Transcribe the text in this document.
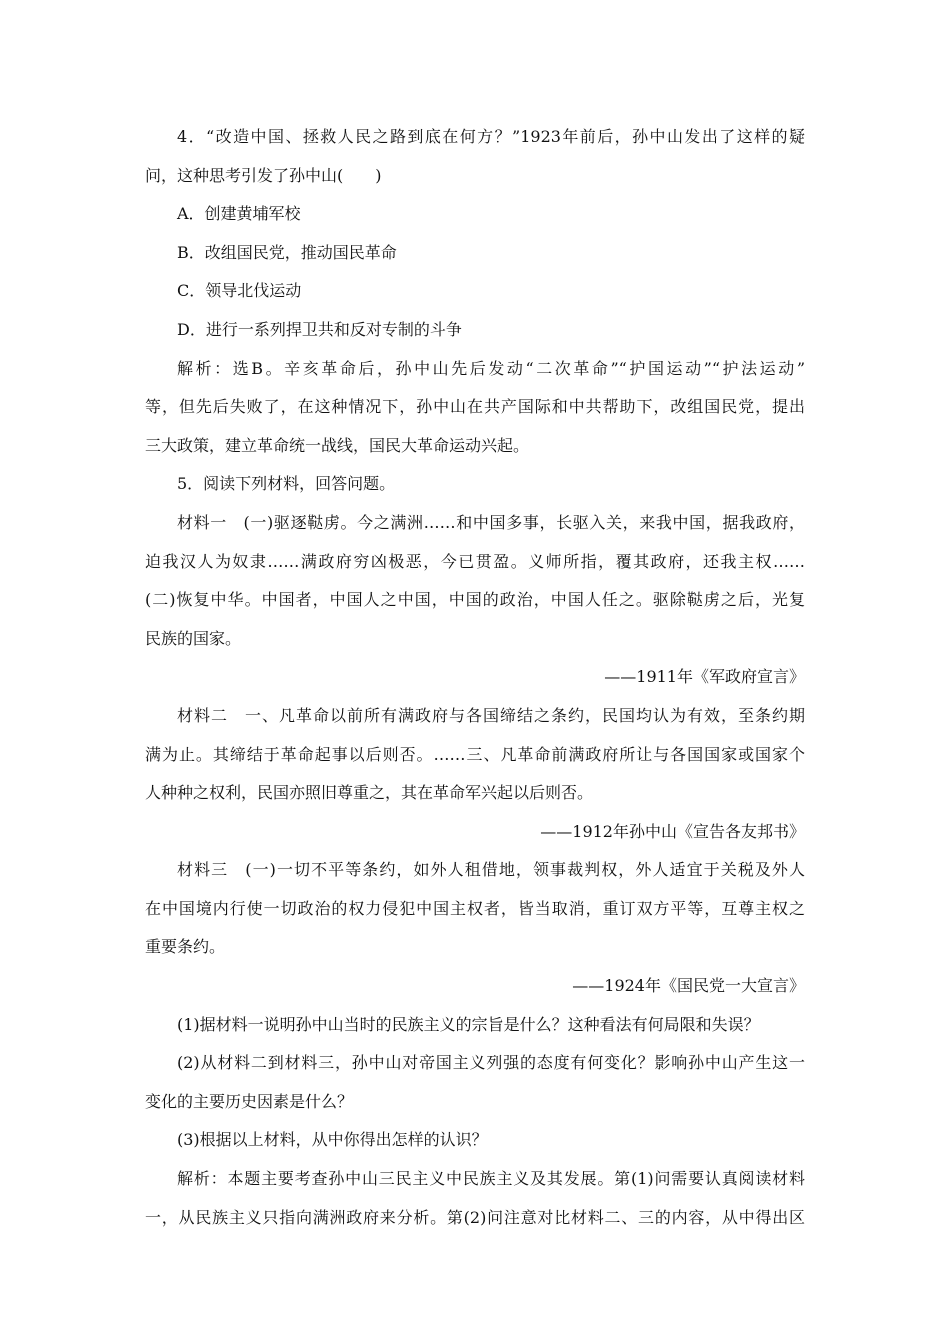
4．“改造中国、拯救人民之路到底在何方？”1923年前后，孙中山发出了这样的疑
问，这种思考引发了孙中山(　　)
A．创建黄埔军校
B．改组国民党，推动国民革命
C．领导北伐运动
D．进行一系列捍卫共和反对专制的斗争
解析：选B。辛亥革命后，孙中山先后发动“二次革命”“护国运动”“护法运动”
等，但先后失败了，在这种情况下，孙中山在共产国际和中共帮助下，改组国民党，提出
三大政策，建立革命统一战线，国民大革命运动兴起。
5．阅读下列材料，回答问题。
材料一　(一)驱逐鞑虏。今之满洲……和中国多事，长驱入关，来我中国，据我政府，
迫我汉人为奴隶……满政府穷凶极恶，今已贯盈。义师所指，覆其政府，还我主权……
(二)恢复中华。中国者，中国人之中国，中国的政治，中国人任之。驱除鞑虏之后，光复
民族的国家。
——1911年《军政府宣言》
材料二　一、凡革命以前所有满政府与各国缔结之条约，民国均认为有效，至条约期
满为止。其缔结于革命起事以后则否。……三、凡革命前满政府所让与各国国家或国家个
人种种之权利，民国亦照旧尊重之，其在革命军兴起以后则否。
——1912年孙中山《宣告各友邦书》
材料三　(一)一切不平等条约，如外人租借地，领事裁判权，外人适宜于关税及外人
在中国境内行使一切政治的权力侵犯中国主权者，皆当取消，重订双方平等，互尊主权之
重要条约。
——1924年《国民党一大宣言》
(1)据材料一说明孙中山当时的民族主义的宗旨是什么？这种看法有何局限和失误？
(2)从材料二到材料三，孙中山对帝国主义列强的态度有何变化？影响孙中山产生这一
变化的主要历史因素是什么？
(3)根据以上材料，从中你得出怎样的认识？
解析：本题主要考查孙中山三民主义中民族主义及其发展。第(1)问需要认真阅读材料
一，从民族主义只指向满洲政府来分析。第(2)问注意对比材料二、三的内容，从中得出区
